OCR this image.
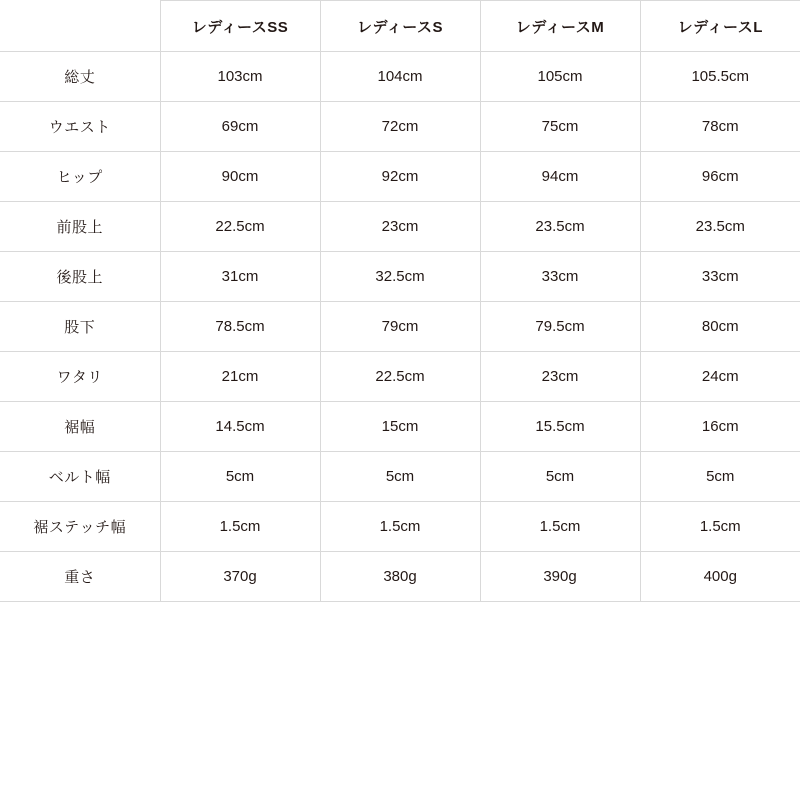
	レディースSS	レディースS	レディースM	レディースL
総丈	103cm	104cm	105cm	105.5cm
ウエスト	69cm	72cm	75cm	78cm
ヒップ	90cm	92cm	94cm	96cm
前股上	22.5cm	23cm	23.5cm	23.5cm
後股上	31cm	32.5cm	33cm	33cm
股下	78.5cm	79cm	79.5cm	80cm
ワタリ	21cm	22.5cm	23cm	24cm
裾幅	14.5cm	15cm	15.5cm	16cm
ベルト幅	5cm	5cm	5cm	5cm
裾ステッチ幅	1.5cm	1.5cm	1.5cm	1.5cm
重さ	370g	380g	390g	400g
